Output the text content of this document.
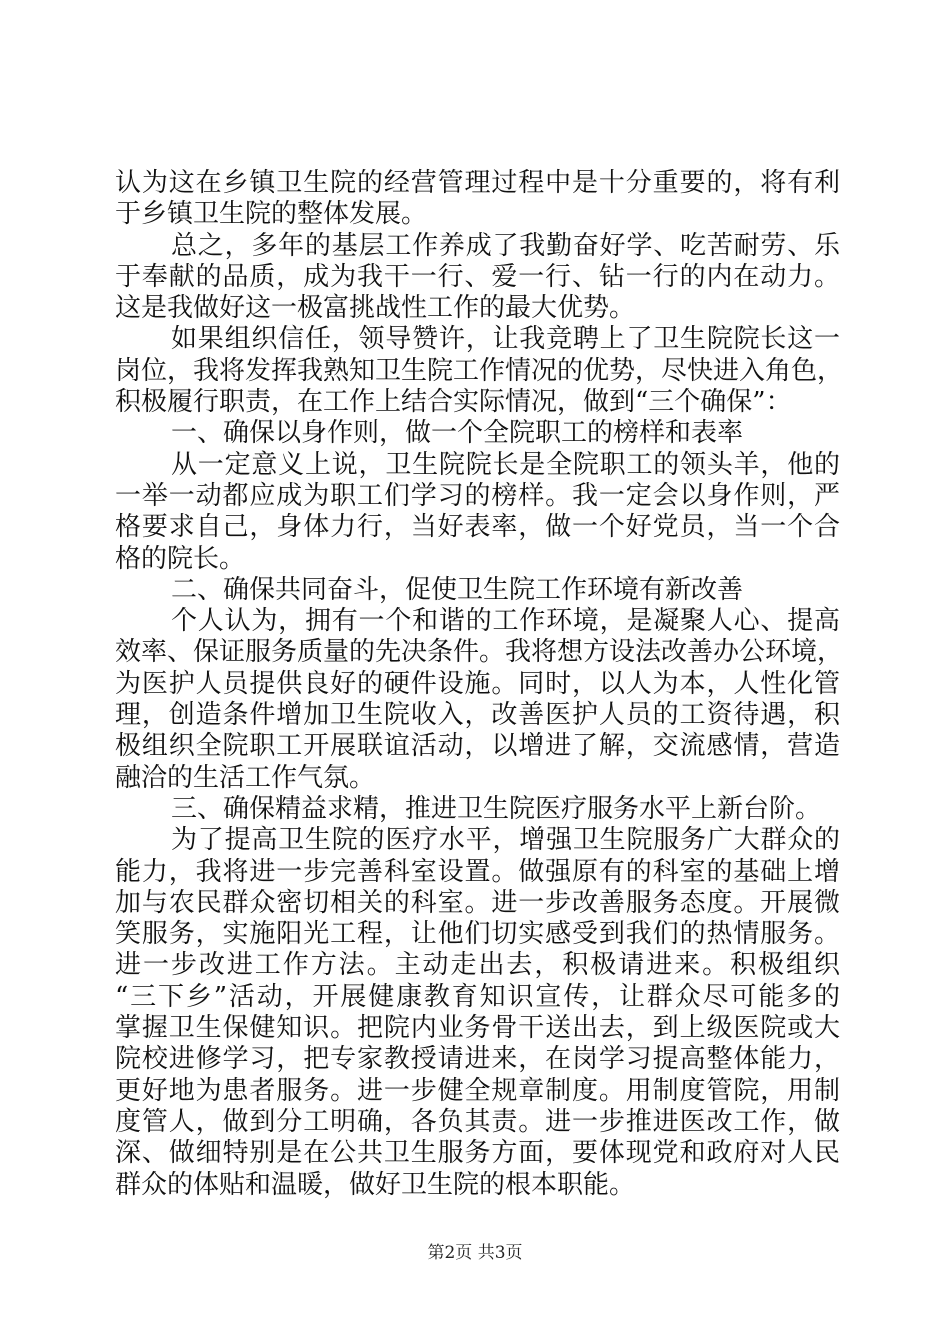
认为这在乡镇卫生院的经营管理过程中是十分重要的，将有利
于乡镇卫生院的整体发展。
总之，多年的基层工作养成了我勤奋好学、吃苦耐劳、乐
于奉献的品质，成为我干一行、爱一行、钻一行的内在动力。
这是我做好这一极富挑战性工作的最大优势。
如果组织信任，领导赞许，让我竞聘上了卫生院院长这一
岗位，我将发挥我熟知卫生院工作情况的优势，尽快进入角色，
积极履行职责，在工作上结合实际情况，做到“三个确保”：
一、确保以身作则，做一个全院职工的榜样和表率
从一定意义上说，卫生院院长是全院职工的领头羊，他的
一举一动都应成为职工们学习的榜样。我一定会以身作则，严
格要求自己，身体力行，当好表率，做一个好党员，当一个合
格的院长。
二、确保共同奋斗，促使卫生院工作环境有新改善
个人认为，拥有一个和谐的工作环境，是凝聚人心、提高
效率、保证服务质量的先决条件。我将想方设法改善办公环境，
为医护人员提供良好的硬件设施。同时，以人为本，人性化管
理，创造条件增加卫生院收入，改善医护人员的工资待遇，积
极组织全院职工开展联谊活动，以增进了解，交流感情，营造
融洽的生活工作气氛。
三、确保精益求精，推进卫生院医疗服务水平上新台阶。
为了提高卫生院的医疗水平，增强卫生院服务广大群众的
能力，我将进一步完善科室设置。做强原有的科室的基础上增
加与农民群众密切相关的科室。进一步改善服务态度。开展微
笑服务，实施阳光工程，让他们切实感受到我们的热情服务。
进一步改进工作方法。主动走出去，积极请进来。积极组织
“三下乡”活动，开展健康教育知识宣传，让群众尽可能多的
掌握卫生保健知识。把院内业务骨干送出去，到上级医院或大
院校进修学习，把专家教授请进来，在岗学习提高整体能力，
更好地为患者服务。进一步健全规章制度。用制度管院，用制
度管人，做到分工明确，各负其责。进一步推进医改工作，做
深、做细特别是在公共卫生服务方面，要体现党和政府对人民
群众的体贴和温暖，做好卫生院的根本职能。
第2页 共3页
